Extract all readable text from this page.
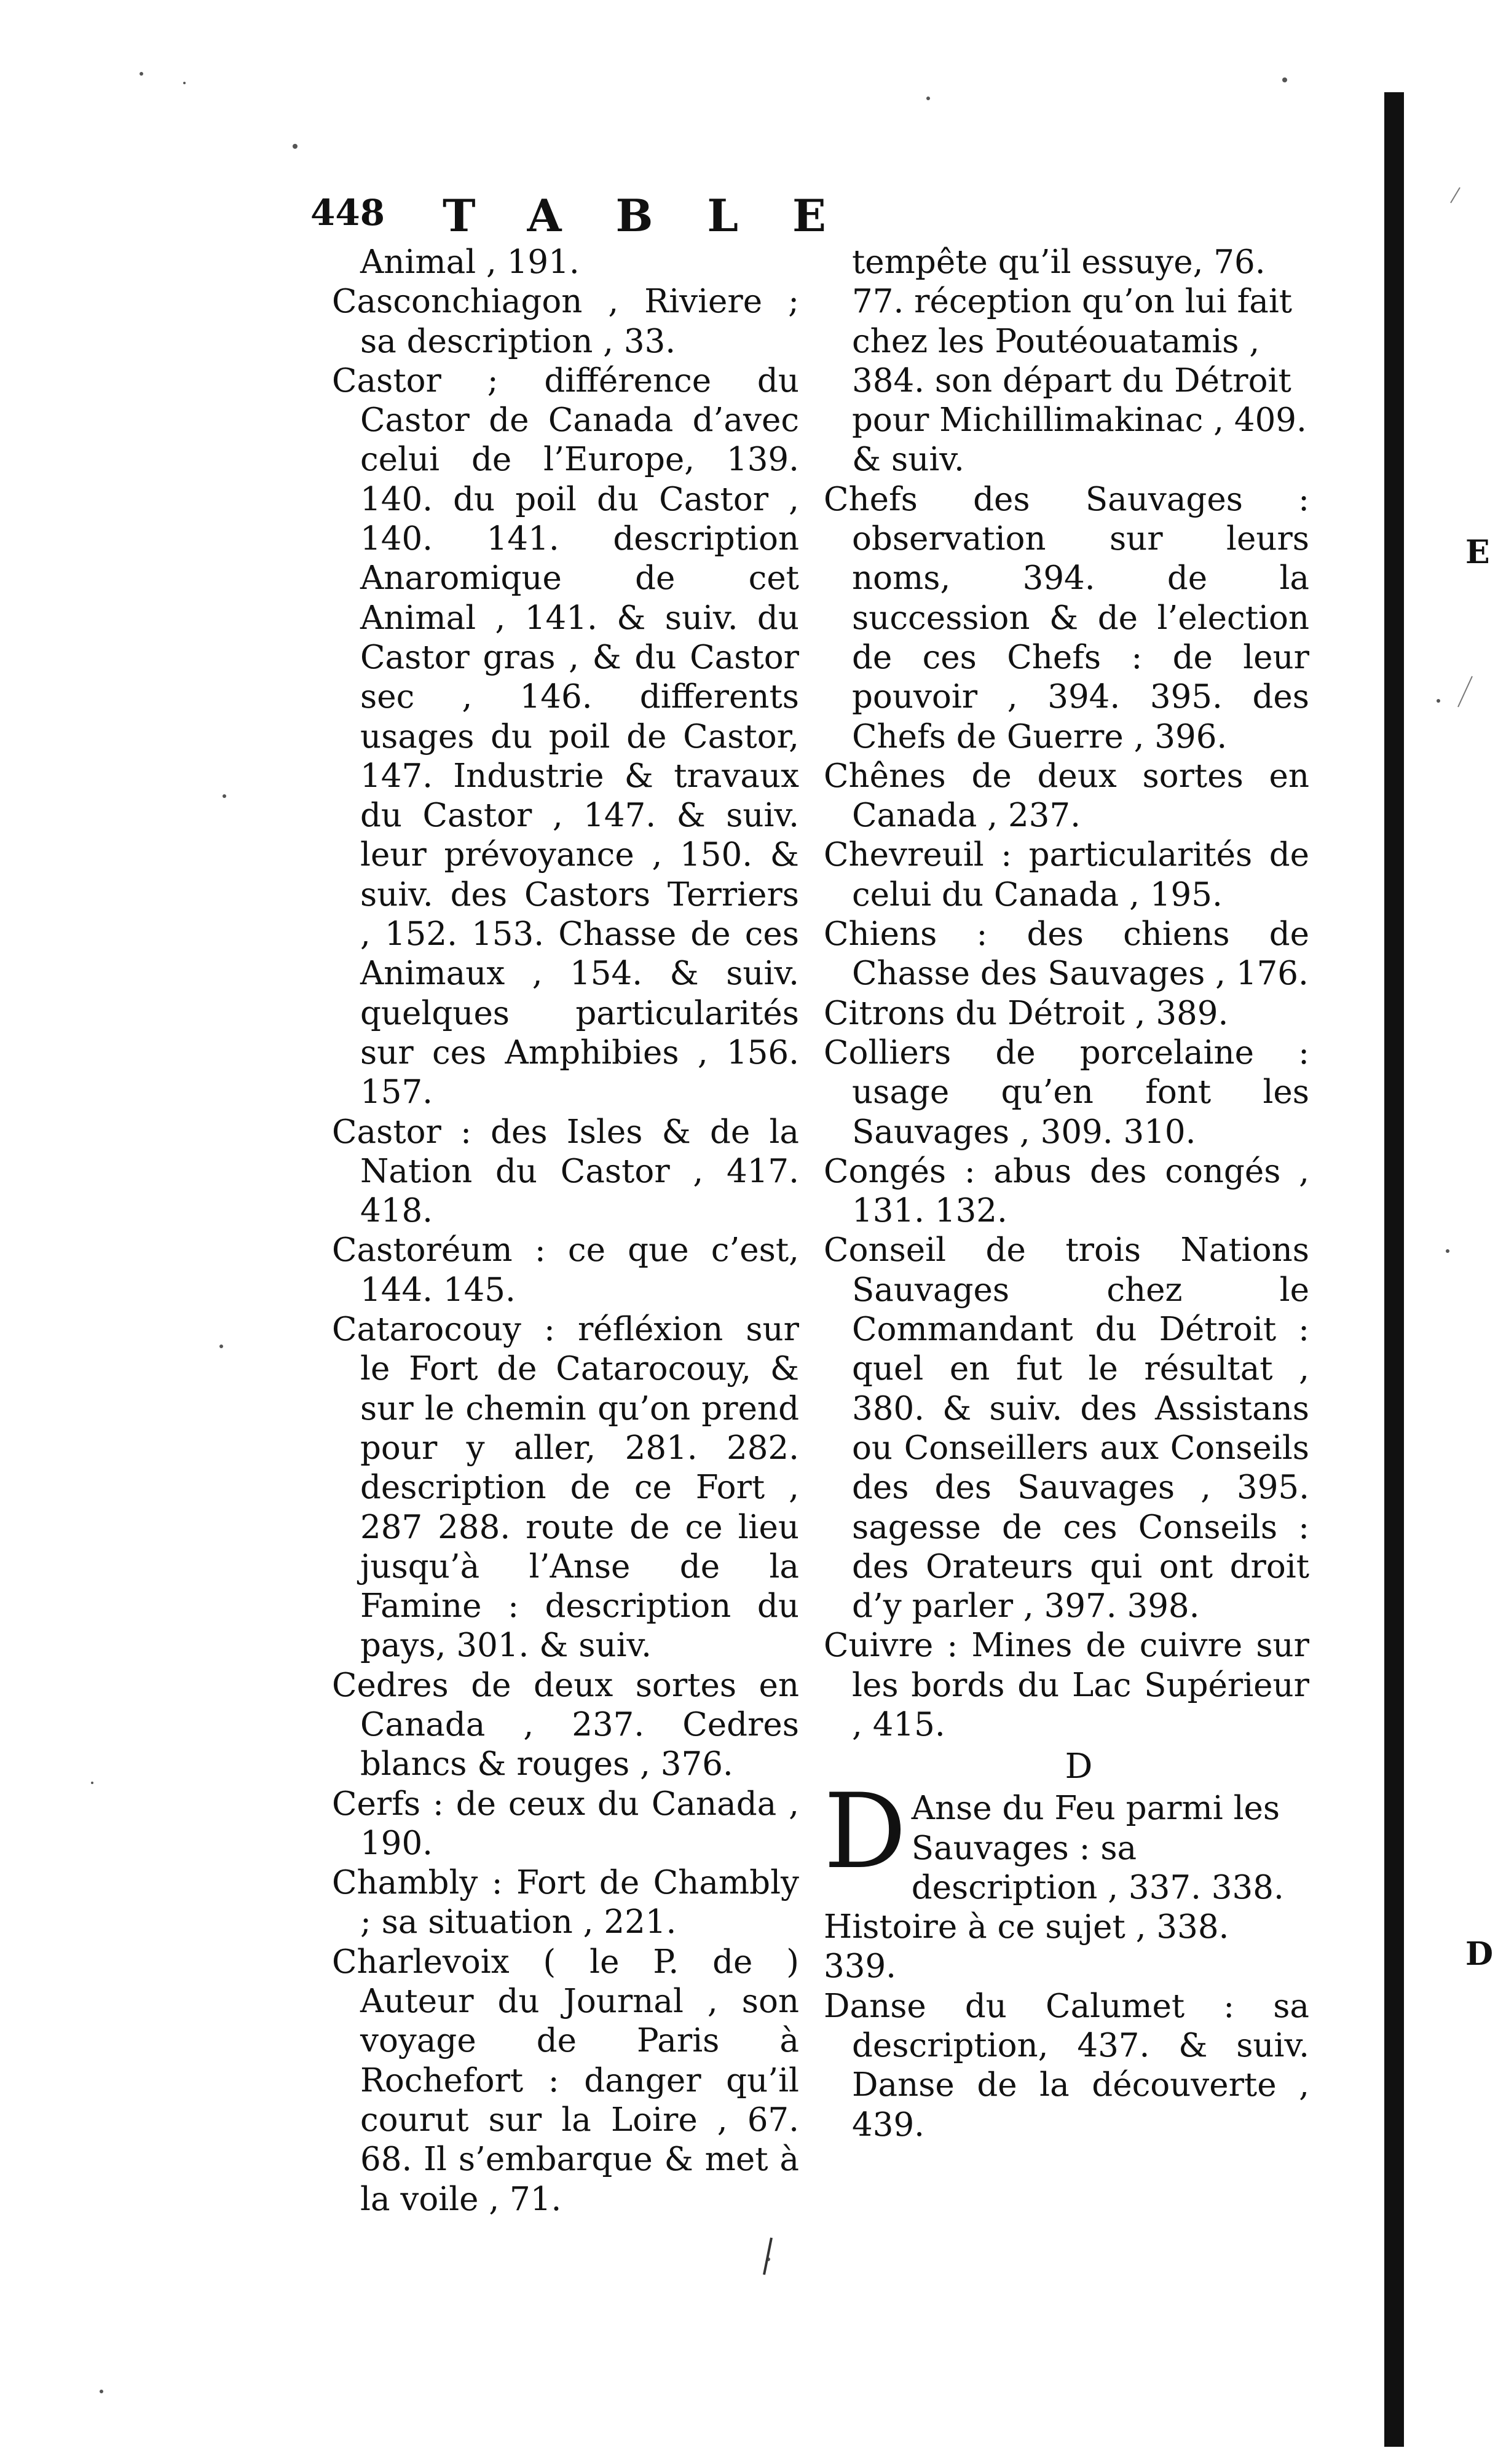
448 TABLE

Animal , 191.

Casconchiagon , Riviere ; sa description , 33.

Castor ; différence du Castor de Canada d’avec celui de l’Europe, 139. 140. du poil du Castor , 140. 141. description Anaromique de cet Animal , 141. & suiv. du Castor gras , & du Castor sec , 146. differents usages du poil de Castor, 147. Industrie & travaux du Castor , 147. & suiv. leur prévoyance , 150. & suiv. des Castors Terriers , 152. 153. Chasse de ces Animaux , 154. & suiv. quelques particularités sur ces Amphibies , 156. 157.

Castor : des Isles & de la Nation du Castor , 417. 418.

Castoréum : ce que c’est, 144. 145.

Catarocouy : réfléxion sur le Fort de Catarocouy, & sur le chemin qu’on prend pour y aller, 281. 282. description de ce Fort , 287 288. route de ce lieu jusqu’à l’Anse de la Famine : description du pays, 301. & suiv.

Cedres de deux sortes en Canada , 237. Cedres blancs & rouges , 376.

Cerfs : de ceux du Canada , 190.

Chambly : Fort de Chambly ; sa situation , 221.

Charlevoix ( le P. de ) Auteur du Journal , son voyage de Paris à Rochefort : danger qu’il courut sur la Loire , 67. 68. Il s’embarque & met à la voile , 71.

tempête qu’il essuye, 76. 77. réception qu’on lui fait chez les Poutéouatamis , 384. son départ du Détroit pour Michillimakinac , 409. & suiv.

Chefs des Sauvages : observation sur leurs noms, 394. de la succession & de l’election de ces Chefs : de leur pouvoir , 394. 395. des Chefs de Guerre , 396.

Chênes de deux sortes en Canada , 237.

Chevreuil : particularités de celui du Canada , 195.

Chiens : des chiens de Chasse des Sauvages , 176.

Citrons du Détroit , 389.

Colliers de porcelaine : usage qu’en font les Sauvages , 309. 310.

Congés : abus des congés , 131. 132.

Conseil de trois Nations Sauvages chez le Commandant du Détroit : quel en fut le résultat , 380. & suiv. des Assistans ou Conseillers aux Conseils des des Sauvages , 395. sagesse de ces Conseils : des Orateurs qui ont droit d’y parler , 397. 398.

Cuivre : Mines de cuivre sur les bords du Lac Supérieur , 415.

D
D Anse du Feu parmi les Sauvages : sa description , 337. 338. Histoire à ce sujet , 338. 339.

Danse du Calumet : sa description, 437. & suiv. Danse de la découverte , 439.

E
D
